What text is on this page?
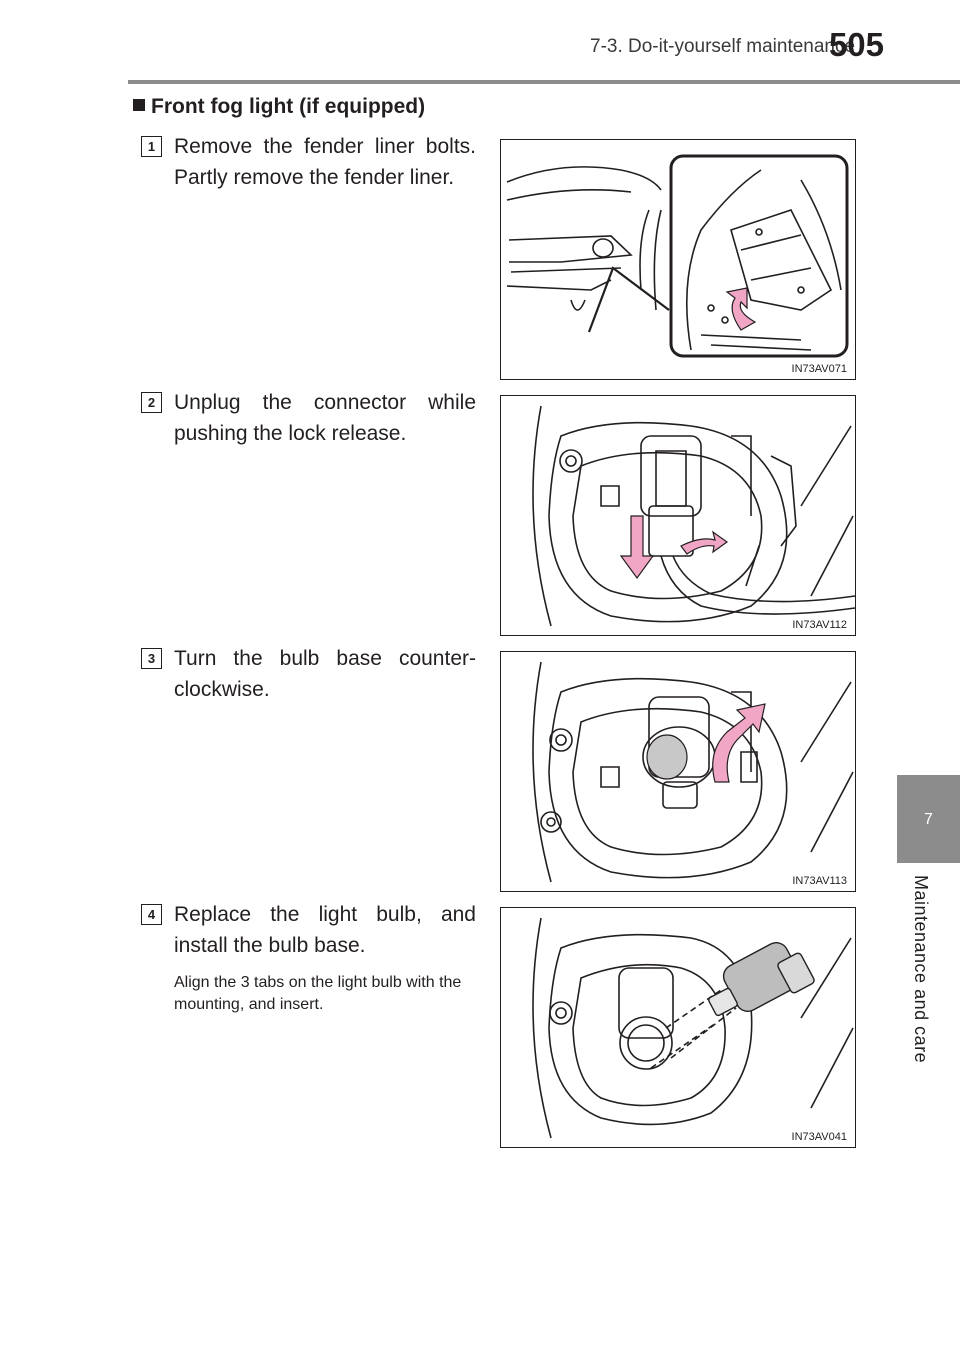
7-3. Do-it-yourself maintenance
505
7
Maintenance and care
Front fog light (if equipped)
1 Remove the fender liner bolts. Partly remove the fender liner.
IN73AV071
2 Unplug the connector while pushing the lock release.
IN73AV112
3 Turn the bulb base counter-clockwise.
IN73AV113
4 Replace the light bulb, and install the bulb base.
Align the 3 tabs on the light bulb with the mounting, and insert.
IN73AV041
